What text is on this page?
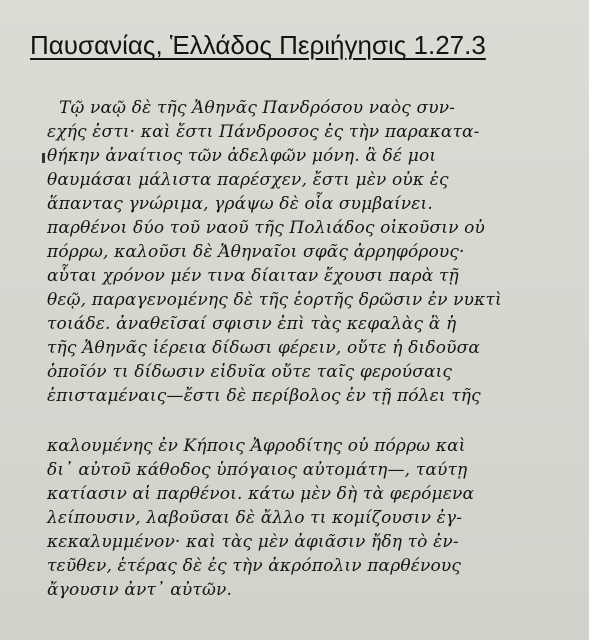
Παυσανίας, Ἑλλάδος Περιήγησις 1.27.3
Τῷ ναῷ δὲ τῆς Ἀθηνᾶς Πανδρόσου ναὸς συν-
εχής ἐστι· καὶ ἔστι Πάνδροσος ἐς τὴν παρακατα-
θήκην ἀναίτιος τῶν ἀδελφῶν μόνη. ἃ δέ μοι
θαυμάσαι μάλιστα παρέσχεν, ἔστι μὲν οὐκ ἐς
ἅπαντας γνώριμα, γράψω δὲ οἷα συμβαίνει.
παρθένοι δύο τοῦ ναοῦ τῆς Πολιάδος οἰκοῦσιν οὐ
πόρρω, καλοῦσι δὲ Ἀθηναῖοι σφᾶς ἀρρηφόρους·
αὗται χρόνον μέν τινα δίαιταν ἔχουσι παρὰ τῇ
θεῷ, παραγενομένης δὲ τῆς ἑορτῆς δρῶσιν ἐν νυκτὶ
τοιάδε. ἀναθεῖσαί σφισιν ἐπὶ τὰς κεφαλὰς ἃ ἡ
τῆς Ἀθηνᾶς ἱέρεια δίδωσι φέρειν, οὔτε ἡ διδοῦσα
ὁποῖόν τι δίδωσιν εἰδυῖα οὔτε ταῖς φερούσαις
ἐπισταμέναις—ἔστι δὲ περίβολος ἐν τῇ πόλει τῆς
καλουμένης ἐν Κήποις Ἀφροδίτης οὐ πόρρω καὶ
δι᾽ αὐτοῦ κάθοδος ὑπόγαιος αὐτομάτη—, ταύτῃ
κατίασιν αἱ παρθένοι. κάτω μὲν δὴ τὰ φερόμενα
λείπουσιν, λαβοῦσαι δὲ ἄλλο τι κομίζουσιν ἐγ-
κεκαλυμμένον· καὶ τὰς μὲν ἀφιᾶσιν ἤδη τὸ ἐν-
τεῦθεν, ἑτέρας δὲ ἐς τὴν ἀκρόπολιν παρθένους
ἄγουσιν ἀντ᾽ αὐτῶν.
